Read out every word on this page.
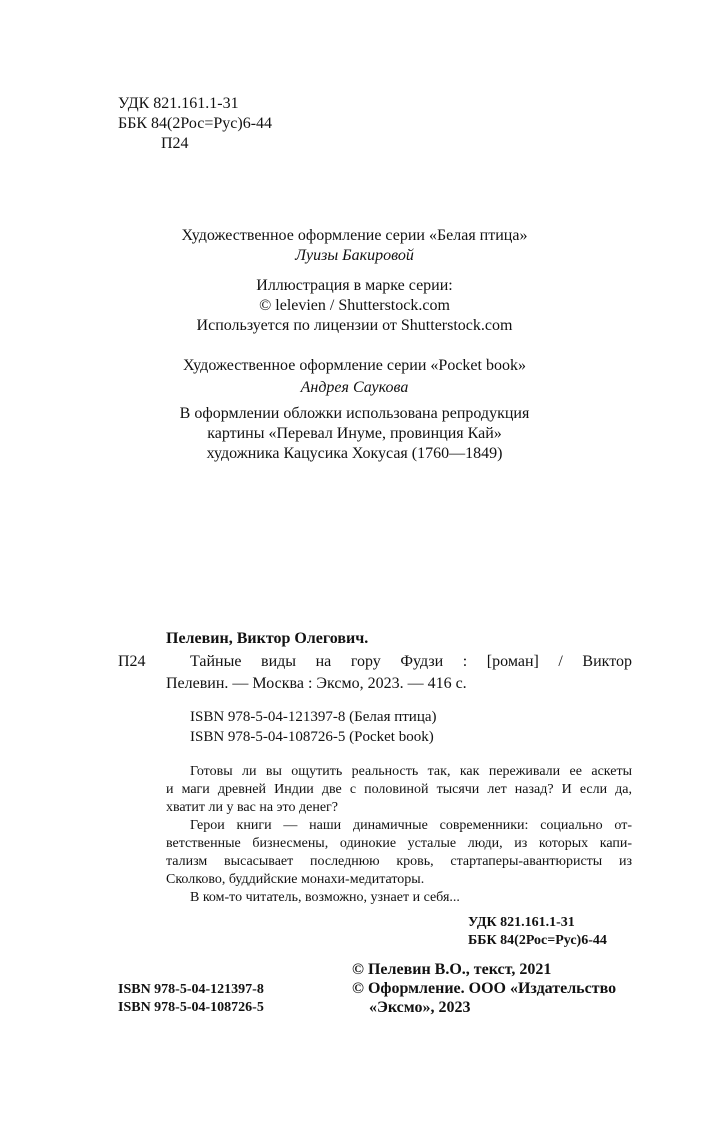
УДК 821.161.1-31
ББК 84(2Рос=Рус)6-44
П24
Художественное оформление серии «Белая птица»
Луизы Бакировой
Иллюстрация в марке серии:
© lelevien / Shutterstock.com
Используется по лицензии от Shutterstock.com
Художественное оформление серии «Pocket book»
Андрея Саукова
В оформлении обложки использована репродукция
картины «Перевал Инуме, провинция Кай»
художника Кацусика Хокусая (1760—1849)
Пелевин, Виктор Олегович.
П24	Тайные виды на гору Фудзи : [роман] / Виктор
Пелевин. — Москва : Эксмо, 2023. — 416 с.
ISBN 978-5-04-121397-8 (Белая птица)
ISBN 978-5-04-108726-5 (Pocket book)
Готовы ли вы ощутить реальность так, как переживали ее аскеты
и маги древней Индии две с половиной тысячи лет назад? И если да,
хватит ли у вас на это денег?
Герои книги — наши динамичные современники: социально от-
ветственные бизнесмены, одинокие усталые люди, из которых капи-
тализм высасывает последнюю кровь, стартаперы-авантюристы из
Сколково, буддийские монахи-медитаторы.
В ком-то читатель, возможно, узнает и себя...
УДК 821.161.1-31
ББК 84(2Рос=Рус)6-44
ISBN 978-5-04-121397-8
ISBN 978-5-04-108726-5
© Пелевин В.О., текст, 2021
© Оформление. ООО «Издательство
«Эксмо», 2023
